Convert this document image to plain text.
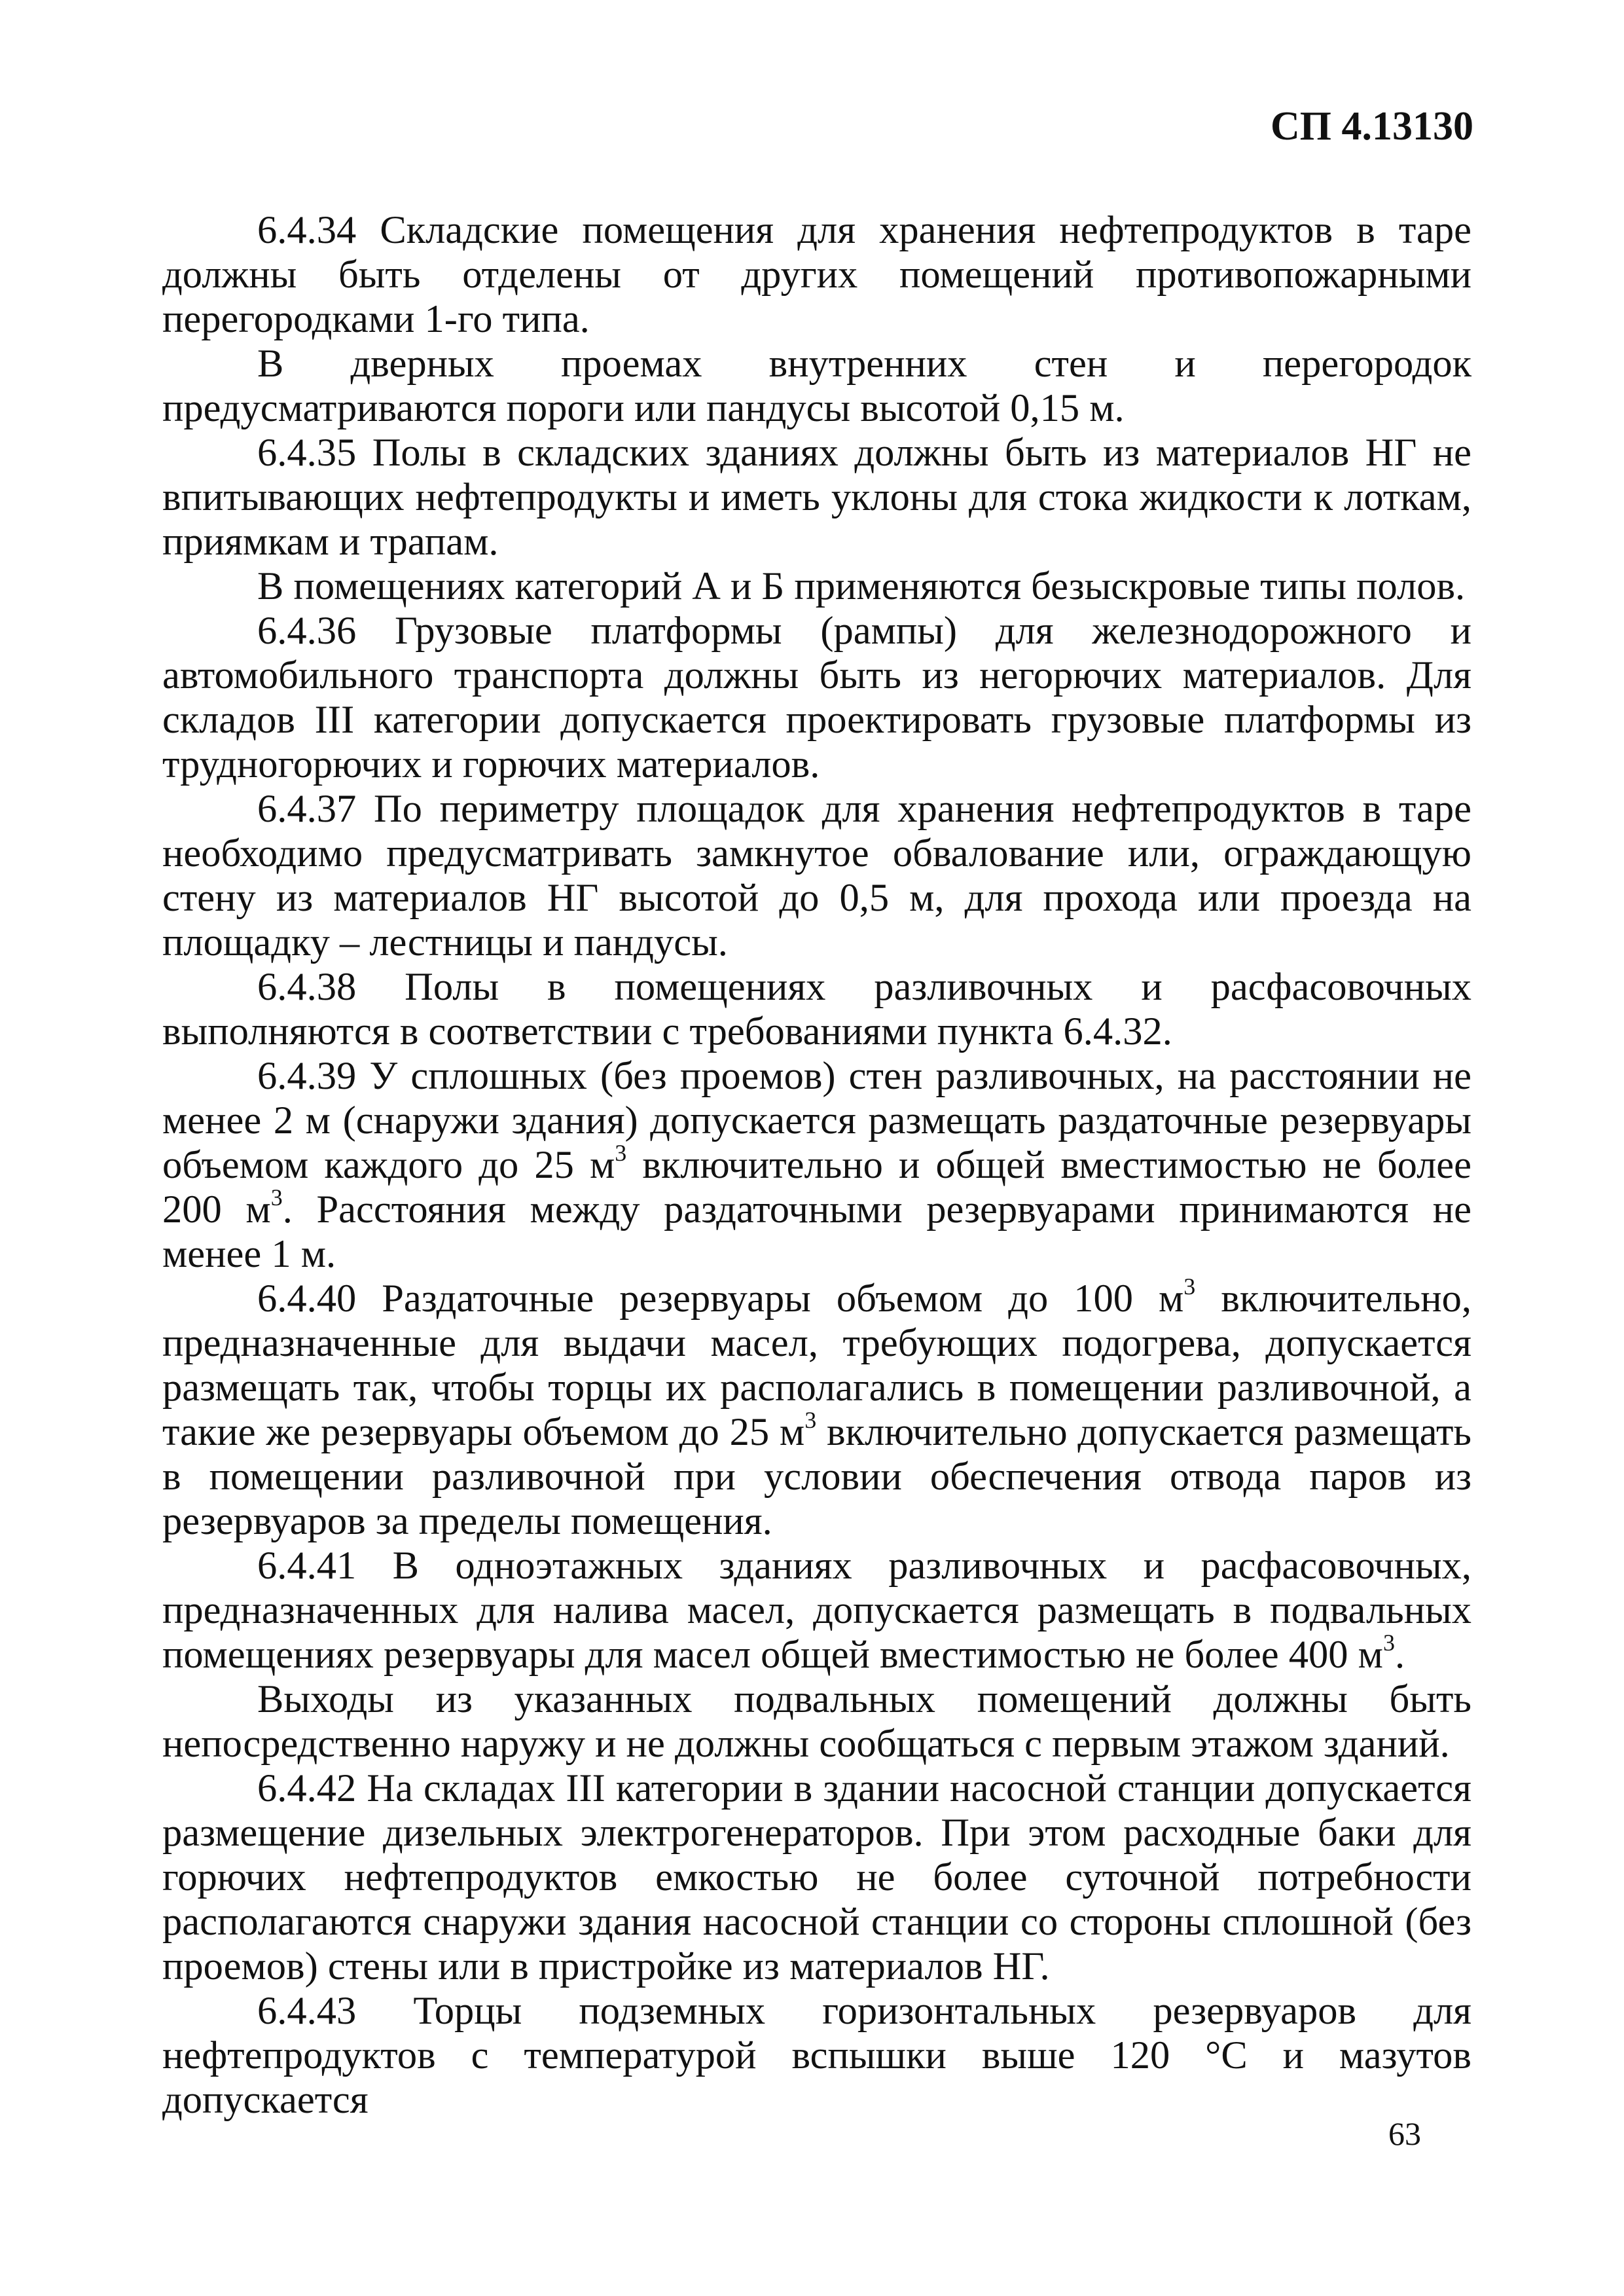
СП 4.13130

6.4.34 Складские помещения для хранения нефтепродуктов в таре должны быть отделены от других помещений противопожарными перегородками 1-го типа.

В дверных проемах внутренних стен и перегородок предусматриваются пороги или пандусы высотой 0,15 м.

6.4.35 Полы в складских зданиях должны быть из материалов НГ не впитывающих нефтепродукты и иметь уклоны для стока жидкости к лоткам, приямкам и трапам.

В помещениях категорий А и Б применяются безыскровые типы полов.

6.4.36 Грузовые платформы (рампы) для железнодорожного и автомобильного транспорта должны быть из негорючих материалов. Для складов III категории допускается проектировать грузовые платформы из трудногорючих и горючих материалов.

6.4.37 По периметру площадок для хранения нефтепродуктов в таре необходимо предусматривать замкнутое обвалование или, ограждающую стену из материалов НГ высотой до 0,5 м, для прохода или проезда на площадку – лестницы и пандусы.

6.4.38 Полы в помещениях разливочных и расфасовочных выполняются в соответствии с требованиями пункта 6.4.32.

6.4.39 У сплошных (без проемов) стен разливочных, на расстоянии не менее 2 м (снаружи здания) допускается размещать раздаточные резервуары объемом каждого до 25 $м^3$ включительно и общей вместимостью не более 200 $м^3$. Расстояния между раздаточными резервуарами принимаются не менее 1 м.

6.4.40 Раздаточные резервуары объемом до 100 $м^3$ включительно, предназначенные для выдачи масел, требующих подогрева, допускается размещать так, чтобы торцы их располагались в помещении разливочной, а такие же резервуары объемом до 25 $м^3$ включительно допускается размещать в помещении разливочной при условии обеспечения отвода паров из резервуаров за пределы помещения.

6.4.41 В одноэтажных зданиях разливочных и расфасовочных, предназначенных для налива масел, допускается размещать в подвальных помещениях резервуары для масел общей вместимостью не более 400 $м^3$.

Выходы из указанных подвальных помещений должны быть непосредственно наружу и не должны сообщаться с первым этажом зданий.

6.4.42 На складах III категории в здании насосной станции допускается размещение дизельных электрогенераторов. При этом расходные баки для горючих нефтепродуктов емкостью не более суточной потребности располагаются снаружи здания насосной станции со стороны сплошной (без проемов) стены или в пристройке из материалов НГ.

6.4.43 Торцы подземных горизонтальных резервуаров для нефтепродуктов с температурой вспышки выше 120 °С и мазутов допускается

63
